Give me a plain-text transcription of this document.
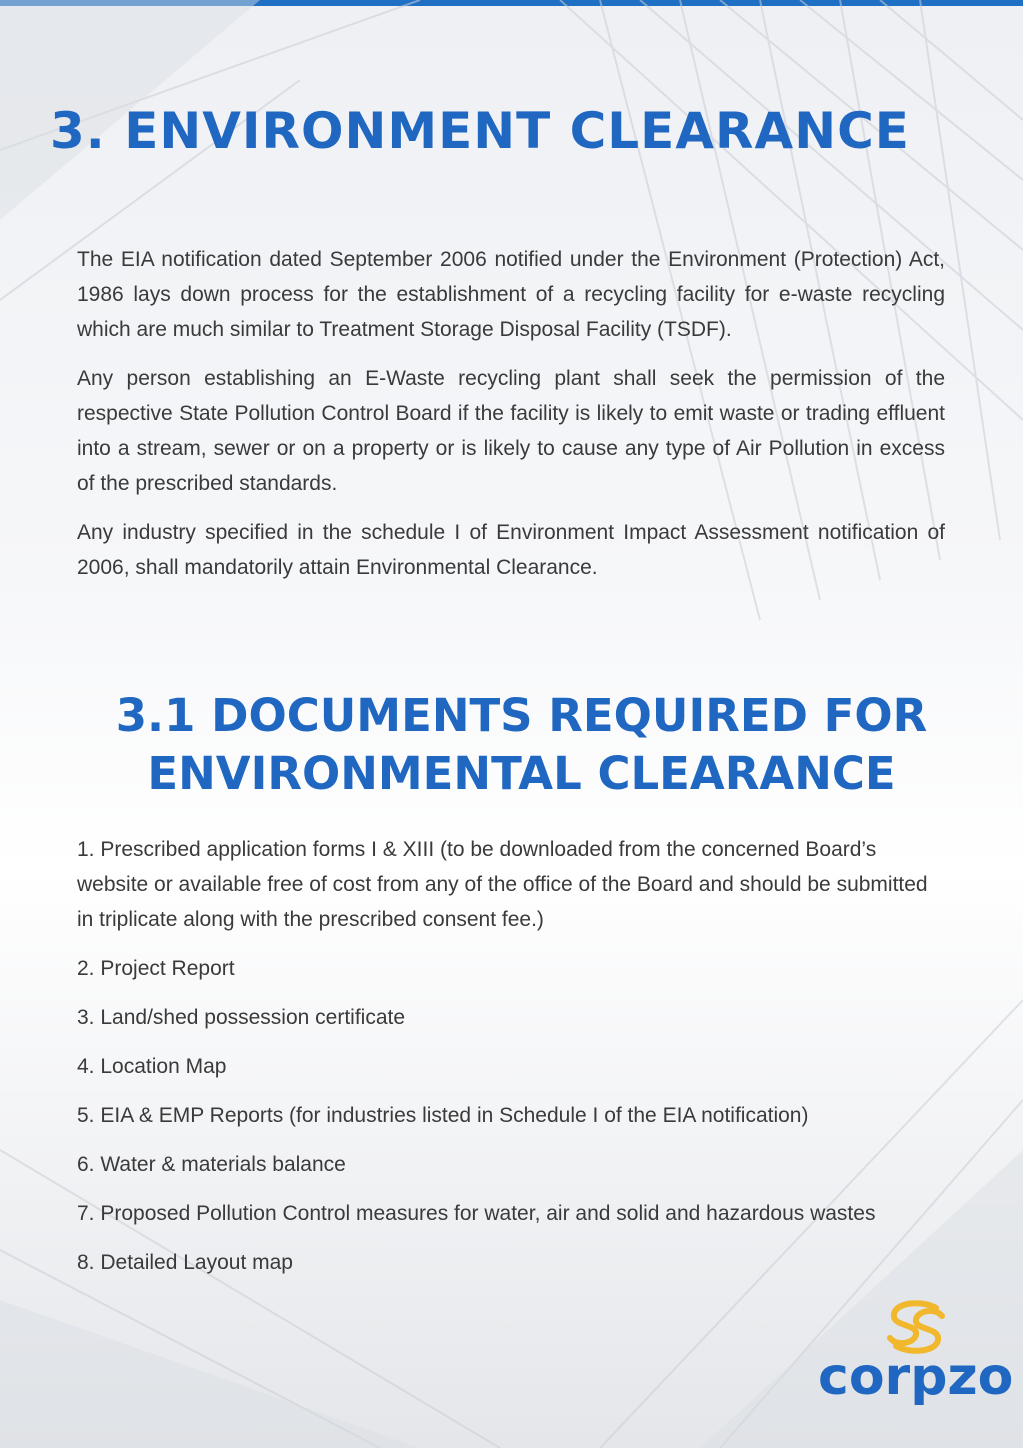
3. ENVIRONMENT CLEARANCE

The EIA notification dated September 2006 notified under the Environment (Protection) Act, 1986 lays down process for the establishment of a recycling facility for e-waste recycling which are much similar to Treatment Storage Disposal Facility (TSDF).

Any person establishing an E-Waste recycling plant shall seek the permission of the respective State Pollution Control Board if the facility is likely to emit waste or trading effluent into a stream, sewer or on a property or is likely to cause any type of Air Pollution in excess of the prescribed standards.

Any industry specified in the schedule I of Environment Impact Assessment notification of 2006, shall mandatorily attain Environmental Clearance.

3.1 DOCUMENTS REQUIRED FOR
ENVIRONMENTAL CLEARANCE
1. Prescribed application forms I & XIII (to be downloaded from the concerned Board’s website or available free of cost from any of the office of the Board and should be submitted in triplicate along with the prescribed consent fee.)
2. Project Report
3. Land/shed possession certificate
4. Location Map
5. EIA & EMP Reports (for industries listed in Schedule I of the EIA notification)
6. Water & materials balance
7. Proposed Pollution Control measures for water, air and solid and hazardous wastes
8. Detailed Layout map
corpzo
